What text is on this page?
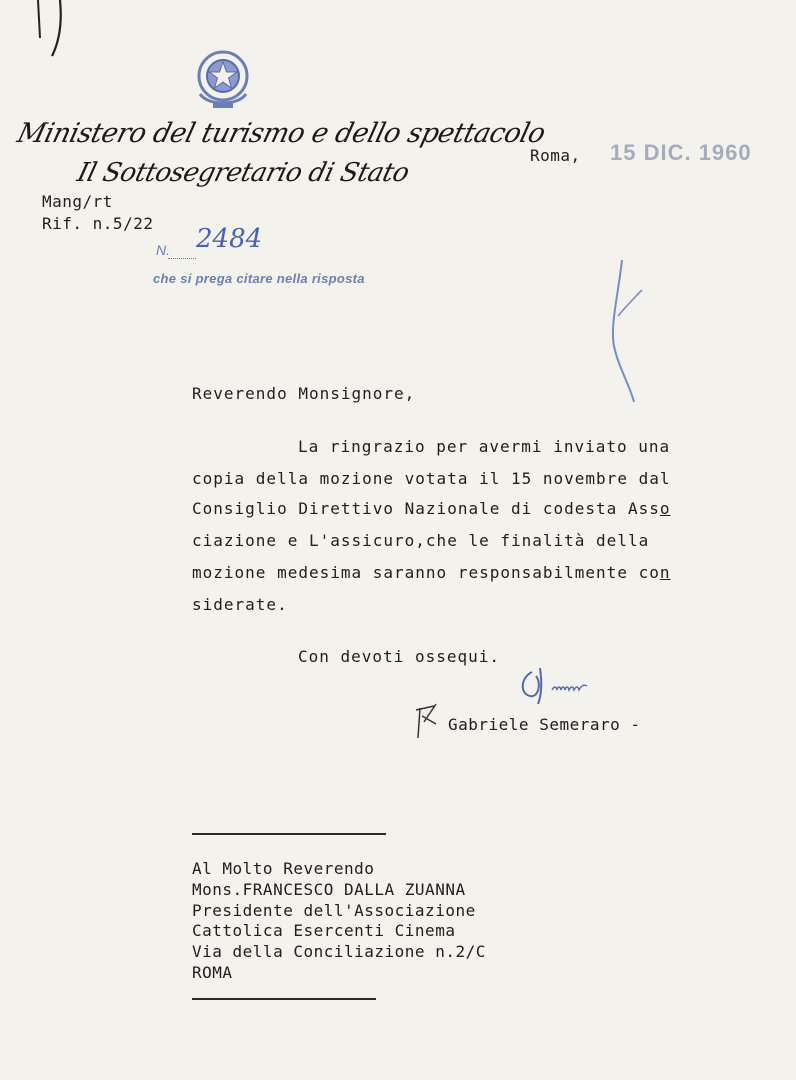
Ministero del turismo e dello spettacolo
Il Sottosegretario di Stato
Roma, 15 DIC. 1960
Mang/rt
Rif. n.5/22
N. 2484
che si prega citare nella risposta
Reverendo Monsignore,
La ringrazio per avermi inviato una
copia della mozione votata il 15 novembre dal
Consiglio Direttivo Nazionale di codesta Asso
ciazione e L'assicuro,che le finalità della
mozione medesima saranno responsabilmente con
siderate.
Con devoti ossequi.
Gabriele Semeraro -
Al Molto Reverendo
Mons.FRANCESCO DALLA ZUANNA
Presidente dell'Associazione
Cattolica Esercenti Cinema
Via della Conciliazione n.2/C
ROMA
